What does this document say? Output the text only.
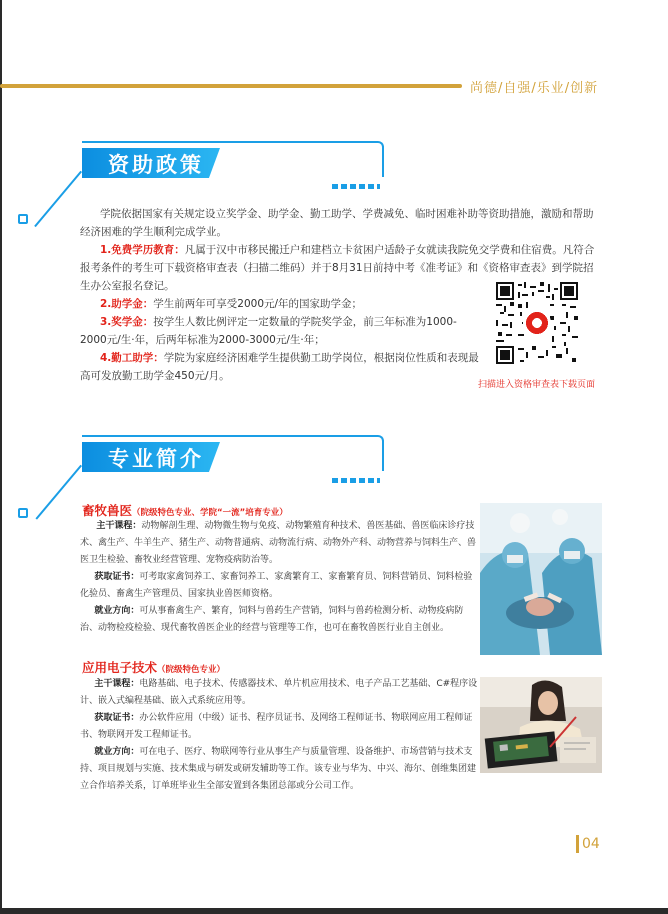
尚德/自强/乐业/创新
资助政策
学院依据国家有关规定设立奖学金、助学金、勤工助学、学费减免、临时困难补助等资助措施，激励和帮助经济困难的学生顺利完成学业。
1.免费学历教育：凡属于汉中市移民搬迁户和建档立卡贫困户适龄子女就读我院免交学费和住宿费。凡符合报考条件的考生可下载资格审查表（扫描二维码）并于8月31日前持中考《准考证》和《资格审查表》到学院招生办公室报名登记。
2.助学金：学生前两年可享受2000元/年的国家助学金；
3.奖学金：按学生人数比例评定一定数量的学院奖学金，前三年标准为1000-2000元/生·年，后两年标准为2000-3000元/生·年；
4.勤工助学：学院为家庭经济困难学生提供勤工助学岗位，根据岗位性质和表现最高可发放勤工助学金450元/月。
扫描进入资格审查表下载页面
专业简介
畜牧兽医（院级特色专业、学院“一流”培育专业）
主干课程：动物解剖生理、动物微生物与免疫、动物繁殖育种技术、兽医基础、兽医临床诊疗技术、禽生产、牛羊生产、猪生产、动物普通病、动物流行病、动物外产科、动物营养与饲料生产、兽医卫生检验、畜牧业经营管理、宠物疫病防治等。
获取证书：可考取家禽饲养工、家畜饲养工、家禽繁育工、家畜繁育员、饲料营销员、饲料检验化验员、畜禽生产管理员、国家执业兽医师资格。
就业方向：可从事畜禽生产、繁育，饲料与兽药生产营销，饲料与兽药检测分析、动物疫病防治、动物检疫检验、现代畜牧兽医企业的经营与管理等工作，也可在畜牧兽医行业自主创业。
应用电子技术（院级特色专业）
主干课程：电路基础、电子技术、传感器技术、单片机应用技术、电子产品工艺基础、C#程序设计、嵌入式编程基础、嵌入式系统应用等。
获取证书：办公软件应用（中级）证书、程序员证书、及网络工程师证书、物联网应用工程师证书、物联网开发工程师证书。
就业方向：可在电子、医疗、物联网等行业从事生产与质量管理、设备维护、市场营销与技术支持、项目规划与实施、技术集成与研发或研发辅助等工作。该专业与华为、中兴、海尔、创维集团建立合作培养关系，订单班毕业生全部安置到各集团总部或分公司工作。
04
